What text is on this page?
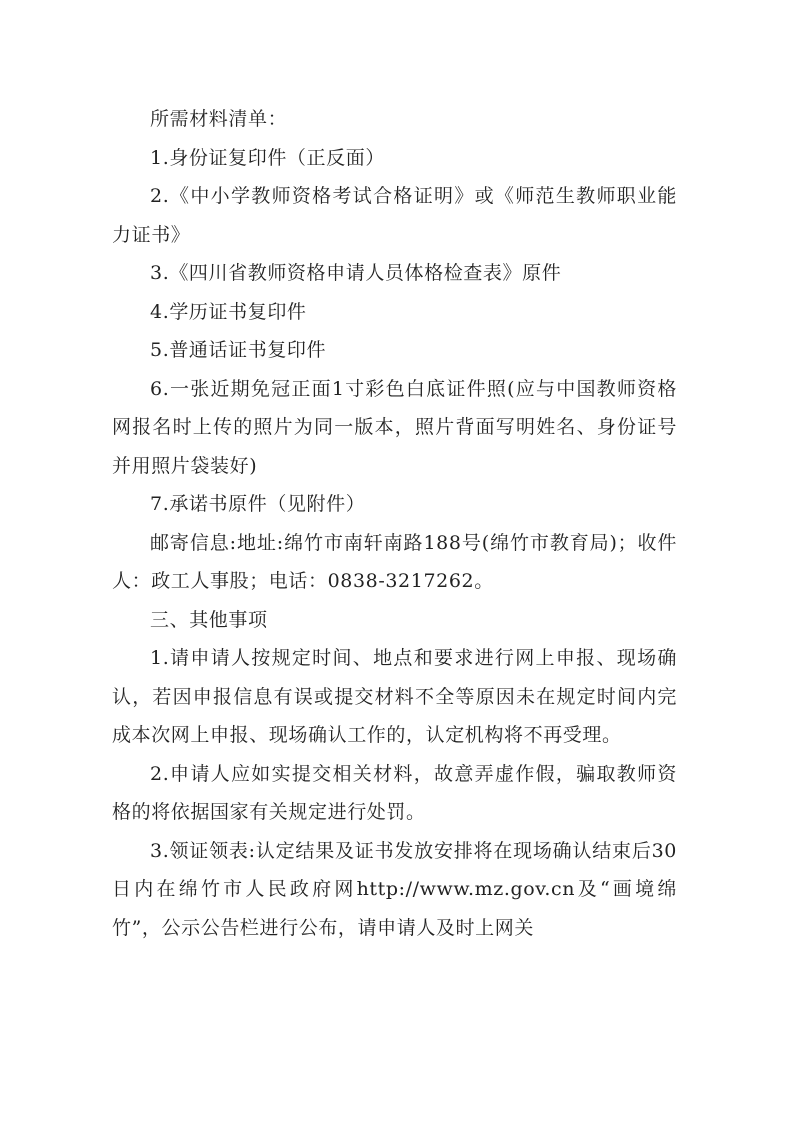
所需材料清单：

1.身份证复印件（正反面）

2.《中小学教师资格考试合格证明》或《师范生教师职业能力证书》

3.《四川省教师资格申请人员体格检查表》原件

4.学历证书复印件

5.普通话证书复印件

6.一张近期免冠正面1寸彩色白底证件照(应与中国教师资格网报名时上传的照片为同一版本，照片背面写明姓名、身份证号并用照片袋装好)

7.承诺书原件（见附件）

邮寄信息:地址:绵竹市南轩南路188号(绵竹市教育局)；收件人：政工人事股；电话：0838-3217262。

三、其他事项

1.请申请人按规定时间、地点和要求进行网上申报、现场确认，若因申报信息有误或提交材料不全等原因未在规定时间内完成本次网上申报、现场确认工作的，认定机构将不再受理。

2.申请人应如实提交相关材料，故意弄虚作假，骗取教师资格的将依据国家有关规定进行处罚。

3.领证领表:认定结果及证书发放安排将在现场确认结束后30日内在绵竹市人民政府网http://www.mz.gov.cn及“画境绵竹”，公示公告栏进行公布，请申请人及时上网关
